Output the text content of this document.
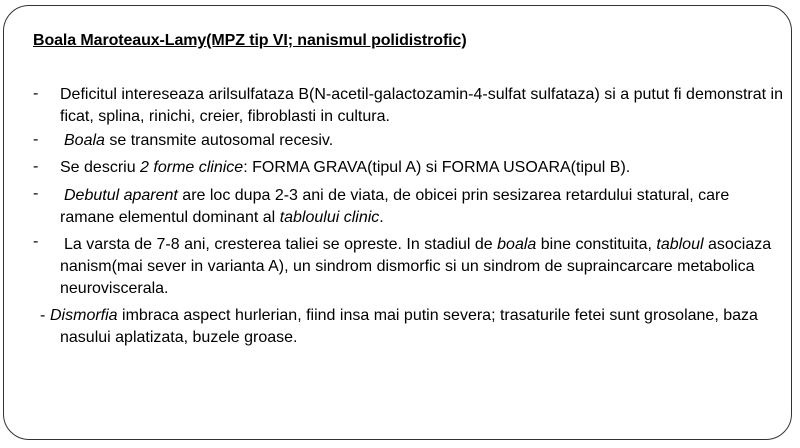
Boala Maroteaux-Lamy(MPZ tip VI; nanismul polidistrofic)
- Deficitul intereseaza arilsulfataza B(N-acetil-galactozamin-4-sulfat sulfataza) si a putut fi demonstrat in ficat, splina, rinichi, creier, fibroblasti in cultura.
- Boala se transmite autosomal recesiv.
- Se descriu 2 forme clinice: FORMA GRAVA(tipul A) si FORMA USOARA(tipul B).
- Debutul aparent are loc dupa 2-3 ani de viata, de obicei prin sesizarea retardului statural, care ramane elementul dominant al tabloului clinic.
- La varsta de 7-8 ani, cresterea taliei se opreste. In stadiul de boala bine constituita, tabloul asociaza nanism(mai sever in varianta A), un sindrom dismorfic si un sindrom de supraincarcare metabolica neuroviscerala.
- Dismorfia imbraca aspect hurlerian, fiind insa mai putin severa; trasaturile fetei sunt grosolane, baza nasului aplatizata, buzele groase.
